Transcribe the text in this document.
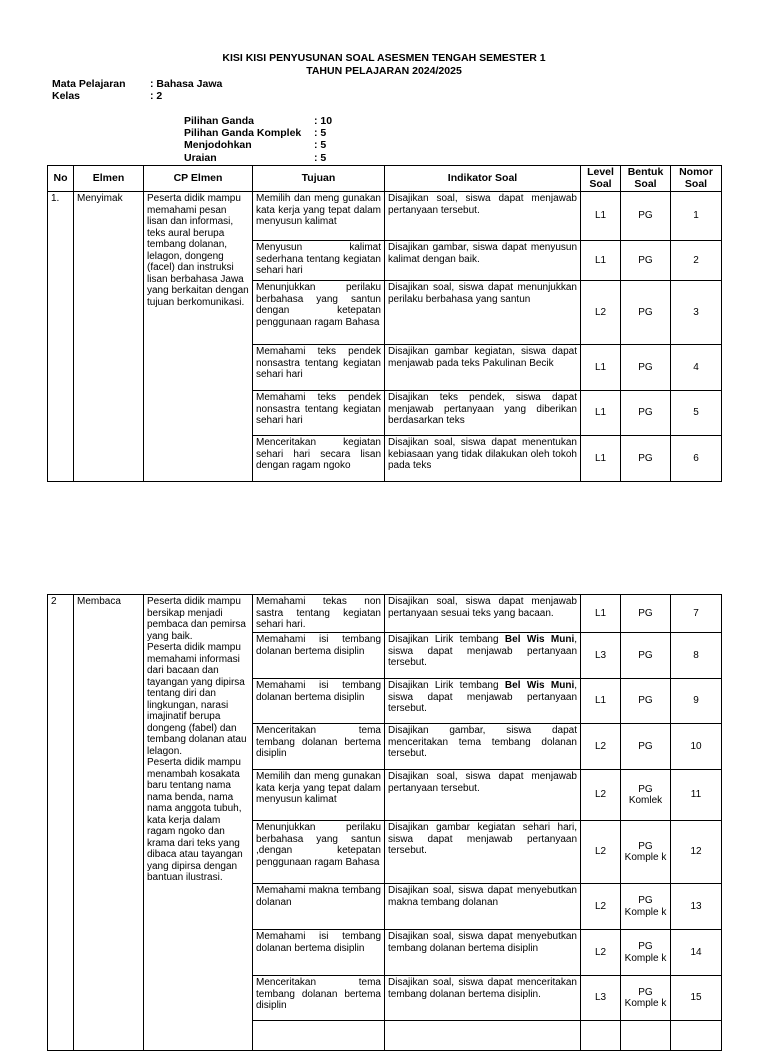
KISI KISI PENYUSUNAN SOAL ASESMEN TENGAH SEMESTER 1
TAHUN PELAJARAN 2024/2025
Mata Pelajaran : Bahasa Jawa
Kelas	: 2
Pilihan Ganda	: 10
Pilihan Ganda Komplek : 5
Menjodohkan	: 5
Uraian	: 5
No	Elmen	CP Elmen	Tujuan	Indikator Soal	Level Soal	Bentuk Soal	Nomor Soal
1.	Menyimak	Peserta didik mampu memahami pesan lisan dan informasi, teks aural berupa tembang dolanan, lelagon, dongeng (facel) dan instruksi lisan berbahasa Jawa yang berkaitan dengan tujuan berkomunikasi.	Memilih dan meng gunakan kata kerja yang tepat dalam menyusun kalimat	Disajikan soal, siswa dapat menjawab pertanyaan tersebut.	L1	PG	1
			Menyusun kalimat sederhana tentang kegiatan sehari hari	Disajikan gambar, siswa dapat menyusun kalimat dengan baik.	L1	PG	2
			Menunjukkan perilaku berbahasa yang santun dengan ketepatan penggunaan ragam Bahasa	Disajikan soal, siswa dapat menunjukkan perilaku berbahasa yang santun	L2	PG	3
			Memahami teks pendek nonsastra tentang kegiatan sehari hari	Disajikan gambar kegiatan, siswa dapat menjawab pada teks Pakulinan Becik	L1	PG	4
			Memahami teks pendek nonsastra tentang kegiatan sehari hari	Disajikan teks pendek, siswa dapat menjawab pertanyaan yang diberikan berdasarkan teks	L1	PG	5
			Menceritakan kegiatan sehari hari secara lisan dengan ragam ngoko	Disajikan soal, siswa dapat menentukan kebiasaan yang tidak dilakukan oleh tokoh pada teks	L1	PG	6
2	Membaca	Peserta didik mampu bersikap menjadi pembaca dan pemirsa yang baik.
Peserta didik mampu memahami informasi dari bacaan dan tayangan yang dipirsa tentang diri dan lingkungan, narasi imajinatif berupa dongeng (fabel) dan tembang dolanan atau lelagon.
Peserta didik mampu menambah kosakata baru tentang nama nama benda, nama nama anggota tubuh, kata kerja dalam ragam ngoko dan krama dari teks yang dibaca atau tayangan yang dipirsa dengan bantuan ilustrasi.	Memahami tekas non sastra tentang kegiatan sehari hari.	Disajikan soal, siswa dapat menjawab pertanyaan sesuai teks yang bacaan.	L1	PG	7
			Memahami isi tembang dolanan bertema disiplin	Disajikan Lirik tembang Bel Wis Muni, siswa dapat menjawab pertanyaan tersebut.	L3	PG	8
			Memahami isi tembang dolanan bertema disiplin	Disajikan Lirik tembang Bel Wis Muni, siswa dapat menjawab pertanyaan tersebut.	L1	PG	9
			Menceritakan tema tembang dolanan bertema disiplin	Disajikan gambar, siswa dapat menceritakan tema tembang dolanan tersebut.	L2	PG	10
			Memilih dan meng gunakan kata kerja yang tepat dalam menyusun kalimat	Disajikan soal, siswa dapat menjawab pertanyaan tersebut.	L2	PG Komlek	11
			Menunjukkan perilaku berbahasa yang santun ,dengan ketepatan penggunaan ragam Bahasa	Disajikan gambar kegiatan sehari hari, siswa dapat menjawab pertanyaan tersebut.	L2	PG Komple k	12
			Memahami makna tembang dolanan	Disajikan soal, siswa dapat menyebutkan makna tembang dolanan	L2	PG Komple k	13
			Memahami isi tembang dolanan bertema disiplin	Disajikan soal, siswa dapat menyebutkan tembang dolanan bertema disiplin	L2	PG Komple k	14
			Menceritakan tema tembang dolanan bertema disiplin	Disajikan soal, siswa dapat menceritakan tembang dolanan bertema disiplin.	L3	PG Komple k	15
